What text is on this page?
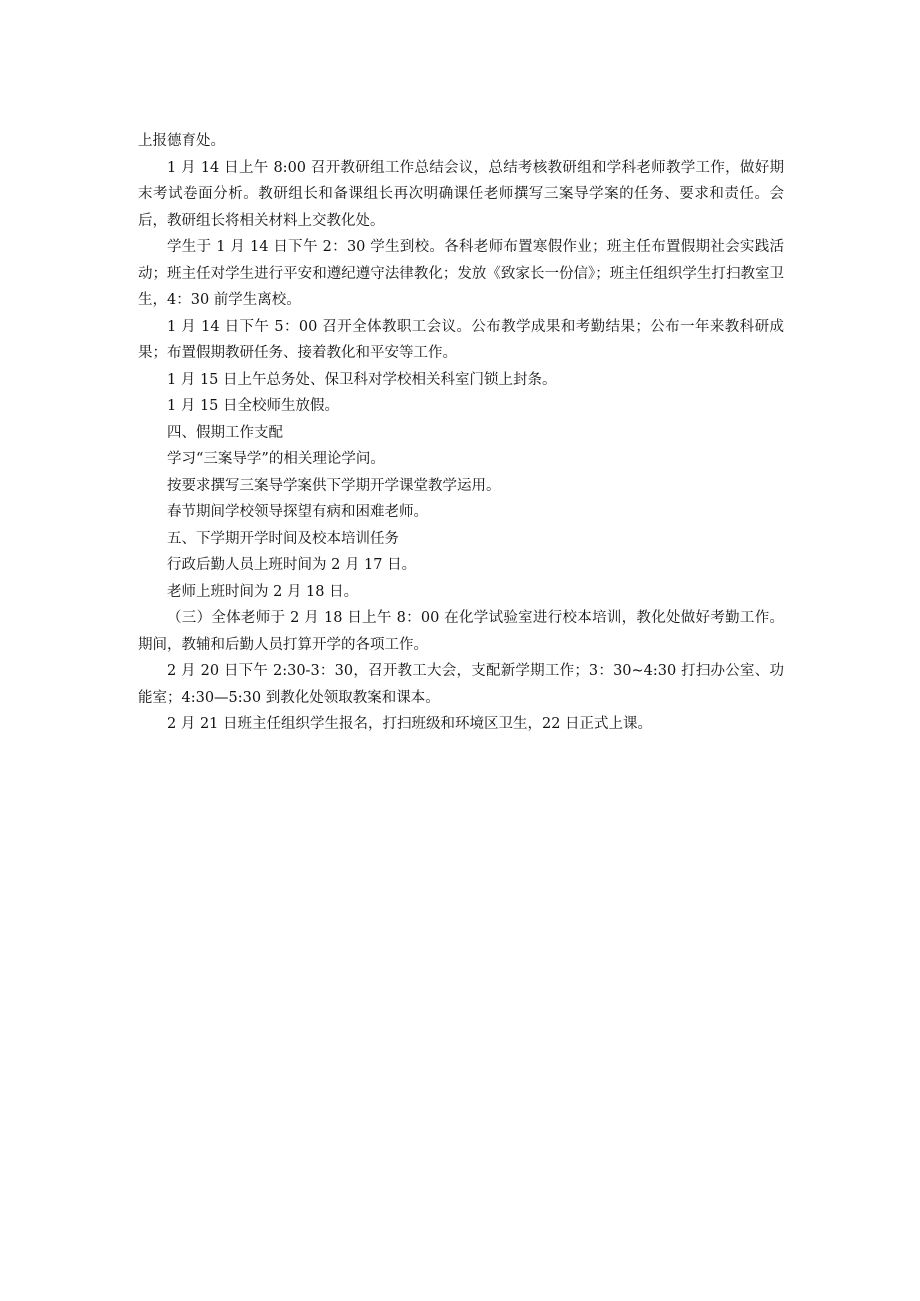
上报德育处。

1 月 14 日上午 8:00 召开教研组工作总结会议，总结考核教研组和学科老师教学工作，做好期末考试卷面分析。教研组长和备课组长再次明确课任老师撰写三案导学案的任务、要求和责任。会后，教研组长将相关材料上交教化处。

学生于 1 月 14 日下午 2：30 学生到校。各科老师布置寒假作业；班主任布置假期社会实践活动；班主任对学生进行平安和遵纪遵守法律教化；发放《致家长一份信》；班主任组织学生打扫教室卫生，4：30 前学生离校。

1 月 14 日下午 5：00 召开全体教职工会议。公布教学成果和考勤结果；公布一年来教科研成果；布置假期教研任务、接着教化和平安等工作。

1 月 15 日上午总务处、保卫科对学校相关科室门锁上封条。

1 月 15 日全校师生放假。

四、假期工作支配

学习“三案导学”的相关理论学问。

按要求撰写三案导学案供下学期开学课堂教学运用。

春节期间学校领导探望有病和困难老师。

五、下学期开学时间及校本培训任务

行政后勤人员上班时间为 2 月 17 日。

老师上班时间为 2 月 18 日。

（三）全体老师于 2 月 18 日上午 8：00 在化学试验室进行校本培训，教化处做好考勤工作。期间，教辅和后勤人员打算开学的各项工作。

2 月 20 日下午 2:30-3：30，召开教工大会，支配新学期工作；3：30~4:30 打扫办公室、功能室；4:30—5:30 到教化处领取教案和课本。

2 月 21 日班主任组织学生报名，打扫班级和环境区卫生，22 日正式上课。
